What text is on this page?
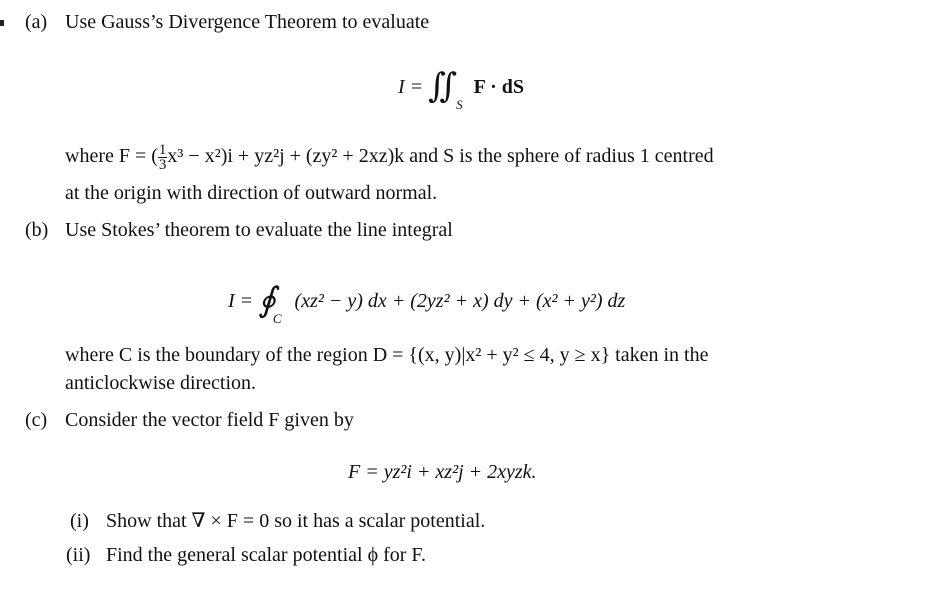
(a) Use Gauss’s Divergence Theorem to evaluate
I = ∬ $_S$ F · dS
where F = ( $\frac{1}{3} x^3 - x^2)i + yz^2j + (zy^2 + 2xz)k$ and S is the sphere of radius 1 centred
at the origin with direction of outward normal.
(b) Use Stokes’ theorem to evaluate the line integral
I = ∮ $_C$ (xz² − y) dx + (2yz² + x) dy + (x² + y²) dz
where C is the boundary of the region D = {(x, y)|x² + y² ≤ 4, y ≥ x} taken in the
anticlockwise direction.
(c) Consider the vector field F given by
F = yz²i + xz²j + 2xyzk.
(i) Show that ∇ × F = 0 so it has a scalar potential.
(ii) Find the general scalar potential ϕ for F.
